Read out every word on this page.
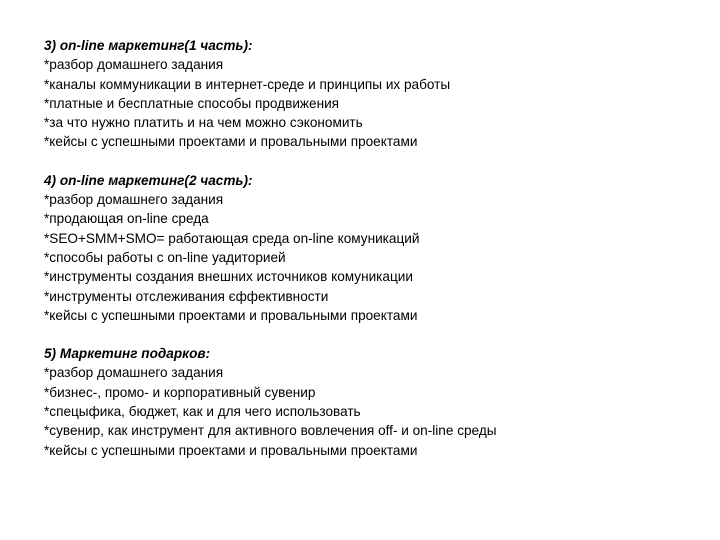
3) on-line маркетинг(1 часть):
*разбор домашнего задания
*каналы коммуникации в интернет-среде и принципы их работы
*платные и бесплатные способы продвижения
*за что нужно платить и на чем можно сэкономить
*кейсы с успешными проектами и провальными проектами
4) on-line маркетинг(2 часть):
*разбор домашнего задания
*продающая on-line среда
*SEO+SMM+SMO= работающая среда on-line комуникаций
*способы работы с on-line уадиторией
*инструменты создания внешних источников комуникации
*инструменты отслеживания єффективности
*кейсы с успешными проектами и провальными проектами
5) Маркетинг подарков:
*разбор домашнего задания
*бизнес-, промо- и корпоративный сувенир
*спецыфика, бюджет, как и для чего использовать
*сувенир, как инструмент для активного вовлечения off- и on-line среды
*кейсы с успешными проектами и провальными проектами
